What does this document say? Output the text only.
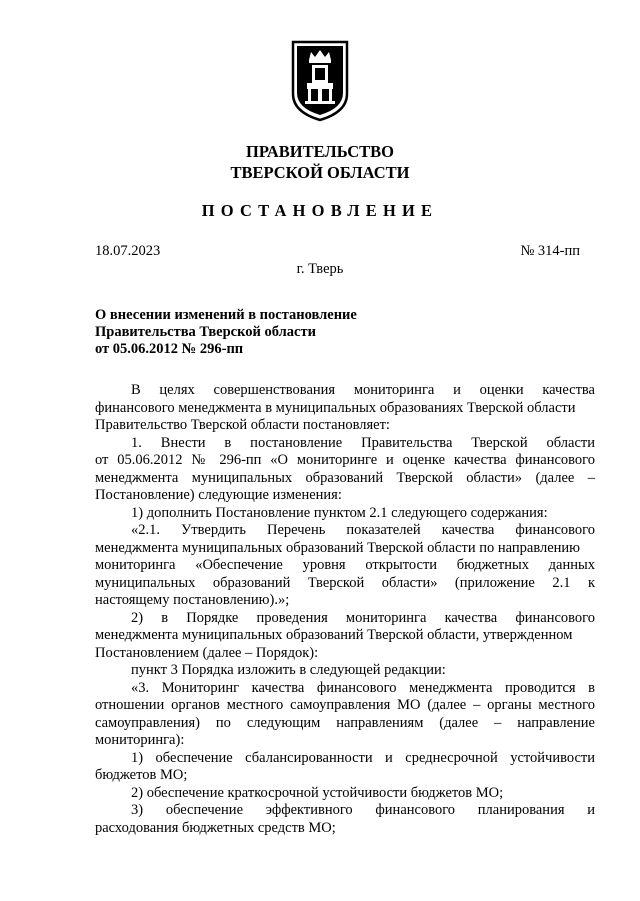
ПРАВИТЕЛЬСТВО
ТВЕРСКОЙ ОБЛАСТИ
ПОСТАНОВЛЕНИЕ
18.07.2023	№ 314-пп
г. Тверь
О внесении изменений в постановление
Правительства Тверской области
от 05.06.2012 № 296-пп
В целях совершенствования мониторинга и оценки качества
финансового менеджмента в муниципальных образованиях Тверской области
Правительство Тверской области постановляет:
1. Внести в постановление Правительства Тверской области
от 05.06.2012 № 296-пп «О мониторинге и оценке качества финансового
менеджмента муниципальных образований Тверской области» (далее –
Постановление) следующие изменения:
1) дополнить Постановление пунктом 2.1 следующего содержания:
«2.1. Утвердить Перечень показателей качества финансового
менеджмента муниципальных образований Тверской области по направлению
мониторинга «Обеспечение уровня открытости бюджетных данных
муниципальных образований Тверской области» (приложение 2.1 к
настоящему постановлению).»;
2) в Порядке проведения мониторинга качества финансового
менеджмента муниципальных образований Тверской области, утвержденном
Постановлением (далее – Порядок):
пункт 3 Порядка изложить в следующей редакции:
«3. Мониторинг качества финансового менеджмента проводится в
отношении органов местного самоуправления МО (далее – органы местного
самоуправления) по следующим направлениям (далее – направление
мониторинга):
1) обеспечение сбалансированности и среднесрочной устойчивости
бюджетов МО;
2) обеспечение краткосрочной устойчивости бюджетов МО;
3) обеспечение эффективного финансового планирования и
расходования бюджетных средств МО;
